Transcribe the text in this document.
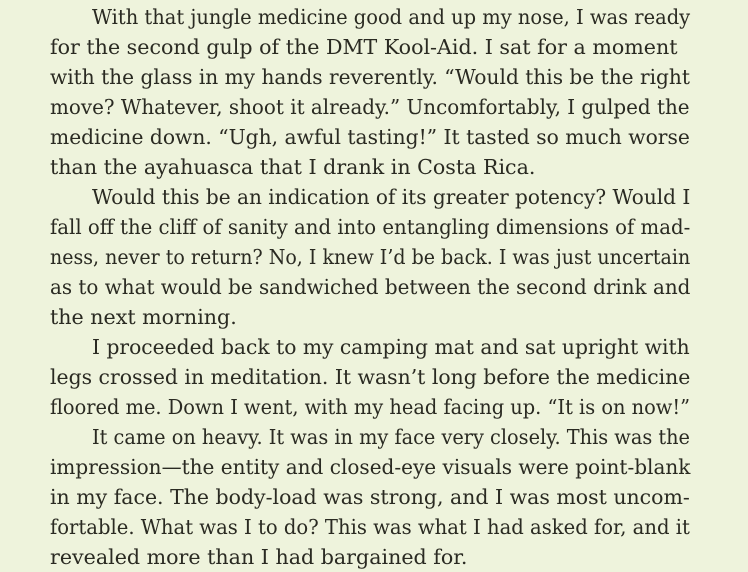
With that jungle medicine good and up my nose, I was ready
for the second gulp of the DMT Kool-Aid. I sat for a moment
with the glass in my hands reverently. “Would this be the right
move? Whatever, shoot it already.” Uncomfortably, I gulped the
medicine down. “Ugh, awful tasting!” It tasted so much worse
than the ayahuasca that I drank in Costa Rica.
Would this be an indication of its greater potency? Would I
fall off the cliff of sanity and into entangling dimensions of mad-
ness, never to return? No, I knew I’d be back. I was just uncertain
as to what would be sandwiched between the second drink and
the next morning.
I proceeded back to my camping mat and sat upright with
legs crossed in meditation. It wasn’t long before the medicine
floored me. Down I went, with my head facing up. “It is on now!”
It came on heavy. It was in my face very closely. This was the
impression—the entity and closed-eye visuals were point-blank
in my face. The body-load was strong, and I was most uncom-
fortable. What was I to do? This was what I had asked for, and it
revealed more than I had bargained for.
